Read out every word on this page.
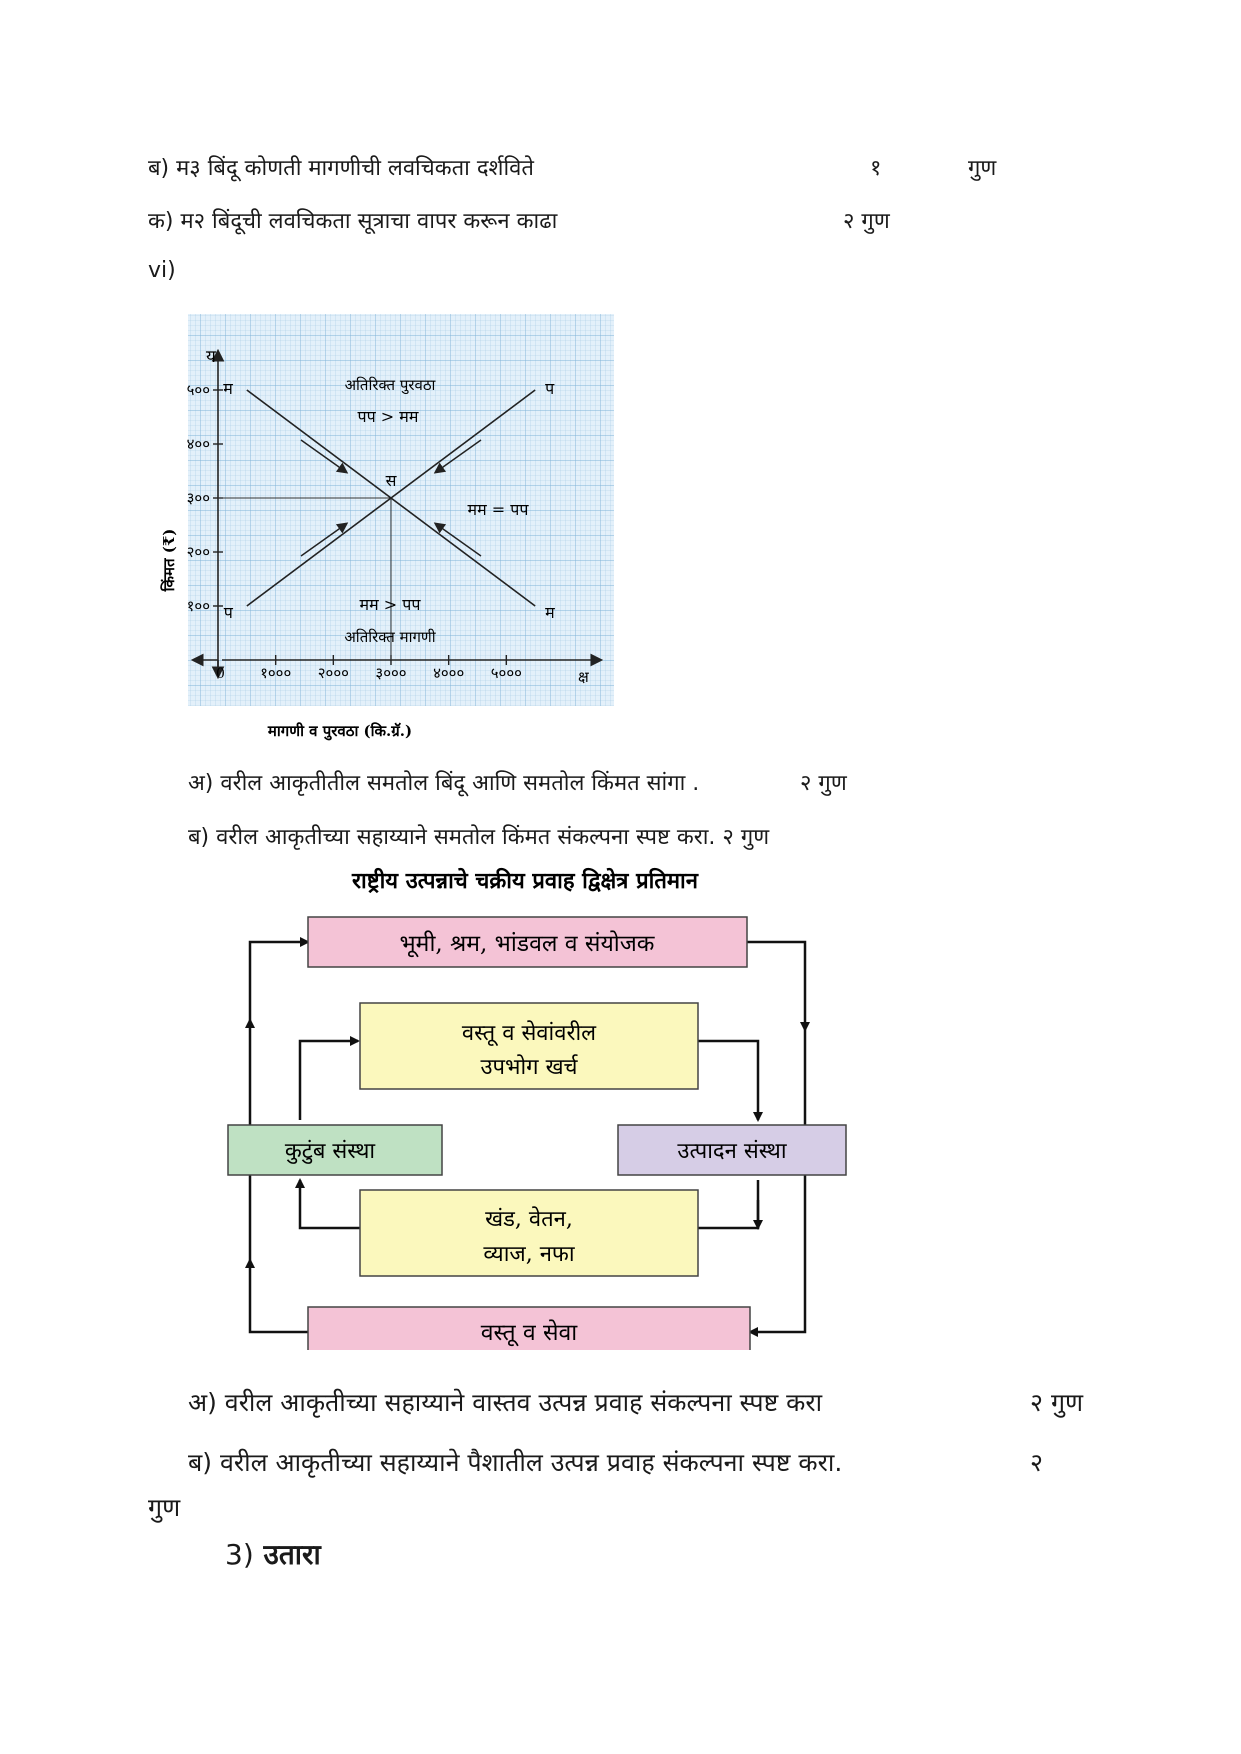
ब) म३ बिंदू कोणती मागणीची लवचिकता दर्शविते	१	गुण
क) म२ बिंदूची लवचिकता सूत्राचा वापर करून काढा	२ गुण
vi)
१००
२००
३००
४००
५००
१००० २००० ३००० ४००० ५०००
म
म
प
प
य
क्ष
0
किंमत (₹)
मागणी व पुरवठा (कि.ग्रॅ.)
अतिरिक्त पुरवठा
पप > मम
मम = पप
मम > पप
अतिरिक्त मागणी
स
अ) वरील आकृतीतील समतोल बिंदू आणि समतोल किंमत सांगा .	२ गुण
ब) वरील आकृतीच्या सहाय्याने समतोल किंमत संकल्पना स्पष्ट करा. २ गुण
राष्ट्रीय उत्पन्नाचे चक्रीय प्रवाह द्विक्षेत्र प्रतिमान
भूमी, श्रम, भांडवल व संयोजक
वस्तू व सेवांवरील
उपभोग खर्च
कुटुंब संस्था	उत्पादन संस्था
खंड, वेतन,
व्याज, नफा
वस्तू व सेवा
अ) वरील आकृतीच्या सहाय्याने वास्तव उत्पन्न प्रवाह संकल्पना स्पष्ट करा	२ गुण
ब) वरील आकृतीच्या सहाय्याने पैशातील उत्पन्न प्रवाह संकल्पना स्पष्ट करा.	२
गुण
3) उतारा
